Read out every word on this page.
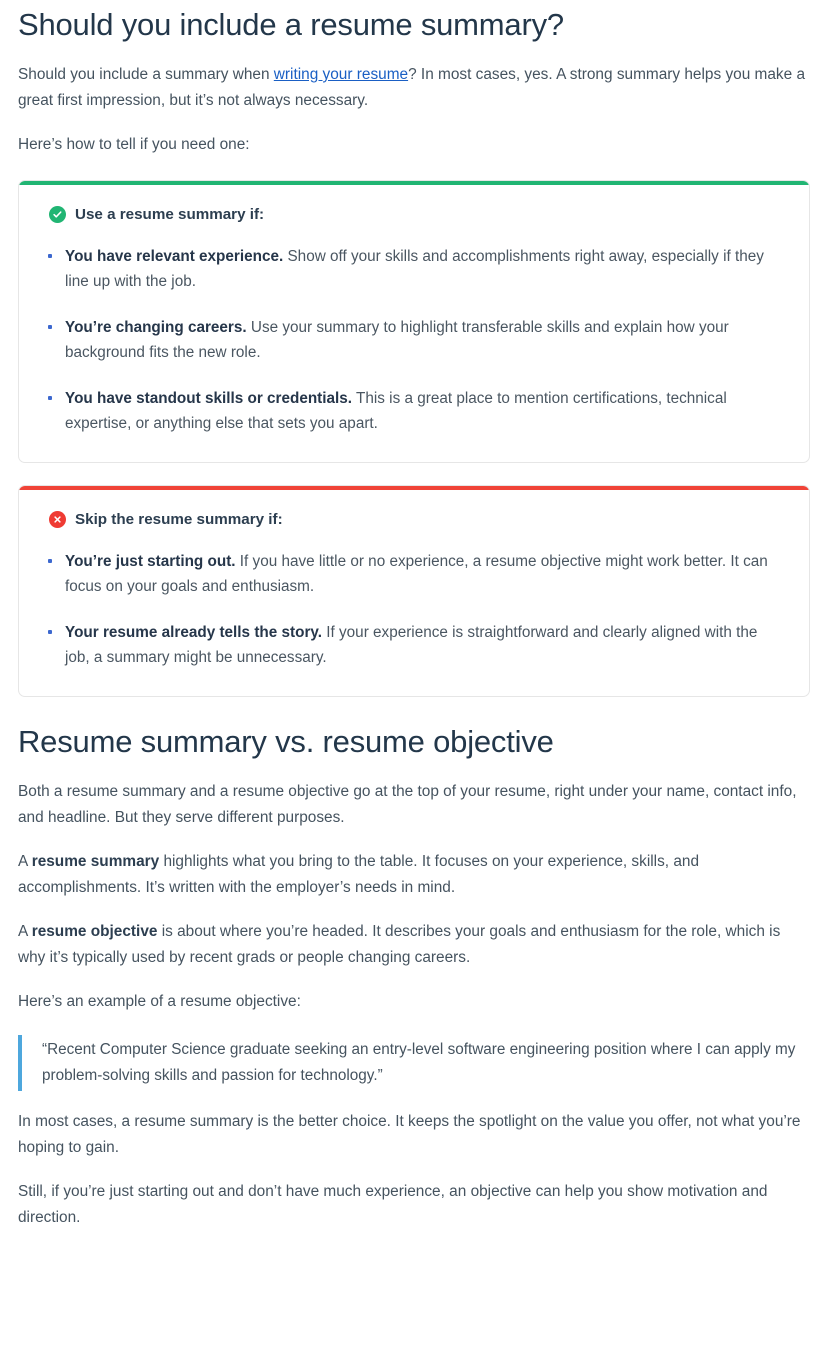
Should you include a resume summary?

Should you include a summary when writing your resume? In most cases, yes. A strong summary helps you make a great first impression, but it’s not always necessary.

Here’s how to tell if you need one:

Use a resume summary if:
You have relevant experience. Show off your skills and accomplishments right away, especially if they line up with the job.
You’re changing careers. Use your summary to highlight transferable skills and explain how your background fits the new role.
You have standout skills or credentials. This is a great place to mention certifications, technical expertise, or anything else that sets you apart.
Skip the resume summary if:
You’re just starting out. If you have little or no experience, a resume objective might work better. It can focus on your goals and enthusiasm.
Your resume already tells the story. If your experience is straightforward and clearly aligned with the job, a summary might be unnecessary.
Resume summary vs. resume objective

Both a resume summary and a resume objective go at the top of your resume, right under your name, contact info, and headline. But they serve different purposes.

A resume summary highlights what you bring to the table. It focuses on your experience, skills, and accomplishments. It’s written with the employer’s needs in mind.

A resume objective is about where you’re headed. It describes your goals and enthusiasm for the role, which is why it’s typically used by recent grads or people changing careers.

Here’s an example of a resume objective:

“Recent Computer Science graduate seeking an entry-level software engineering position where I can apply my problem-solving skills and passion for technology.”

In most cases, a resume summary is the better choice. It keeps the spotlight on the value you offer, not what you’re hoping to gain.

Still, if you’re just starting out and don’t have much experience, an objective can help you show motivation and direction.
